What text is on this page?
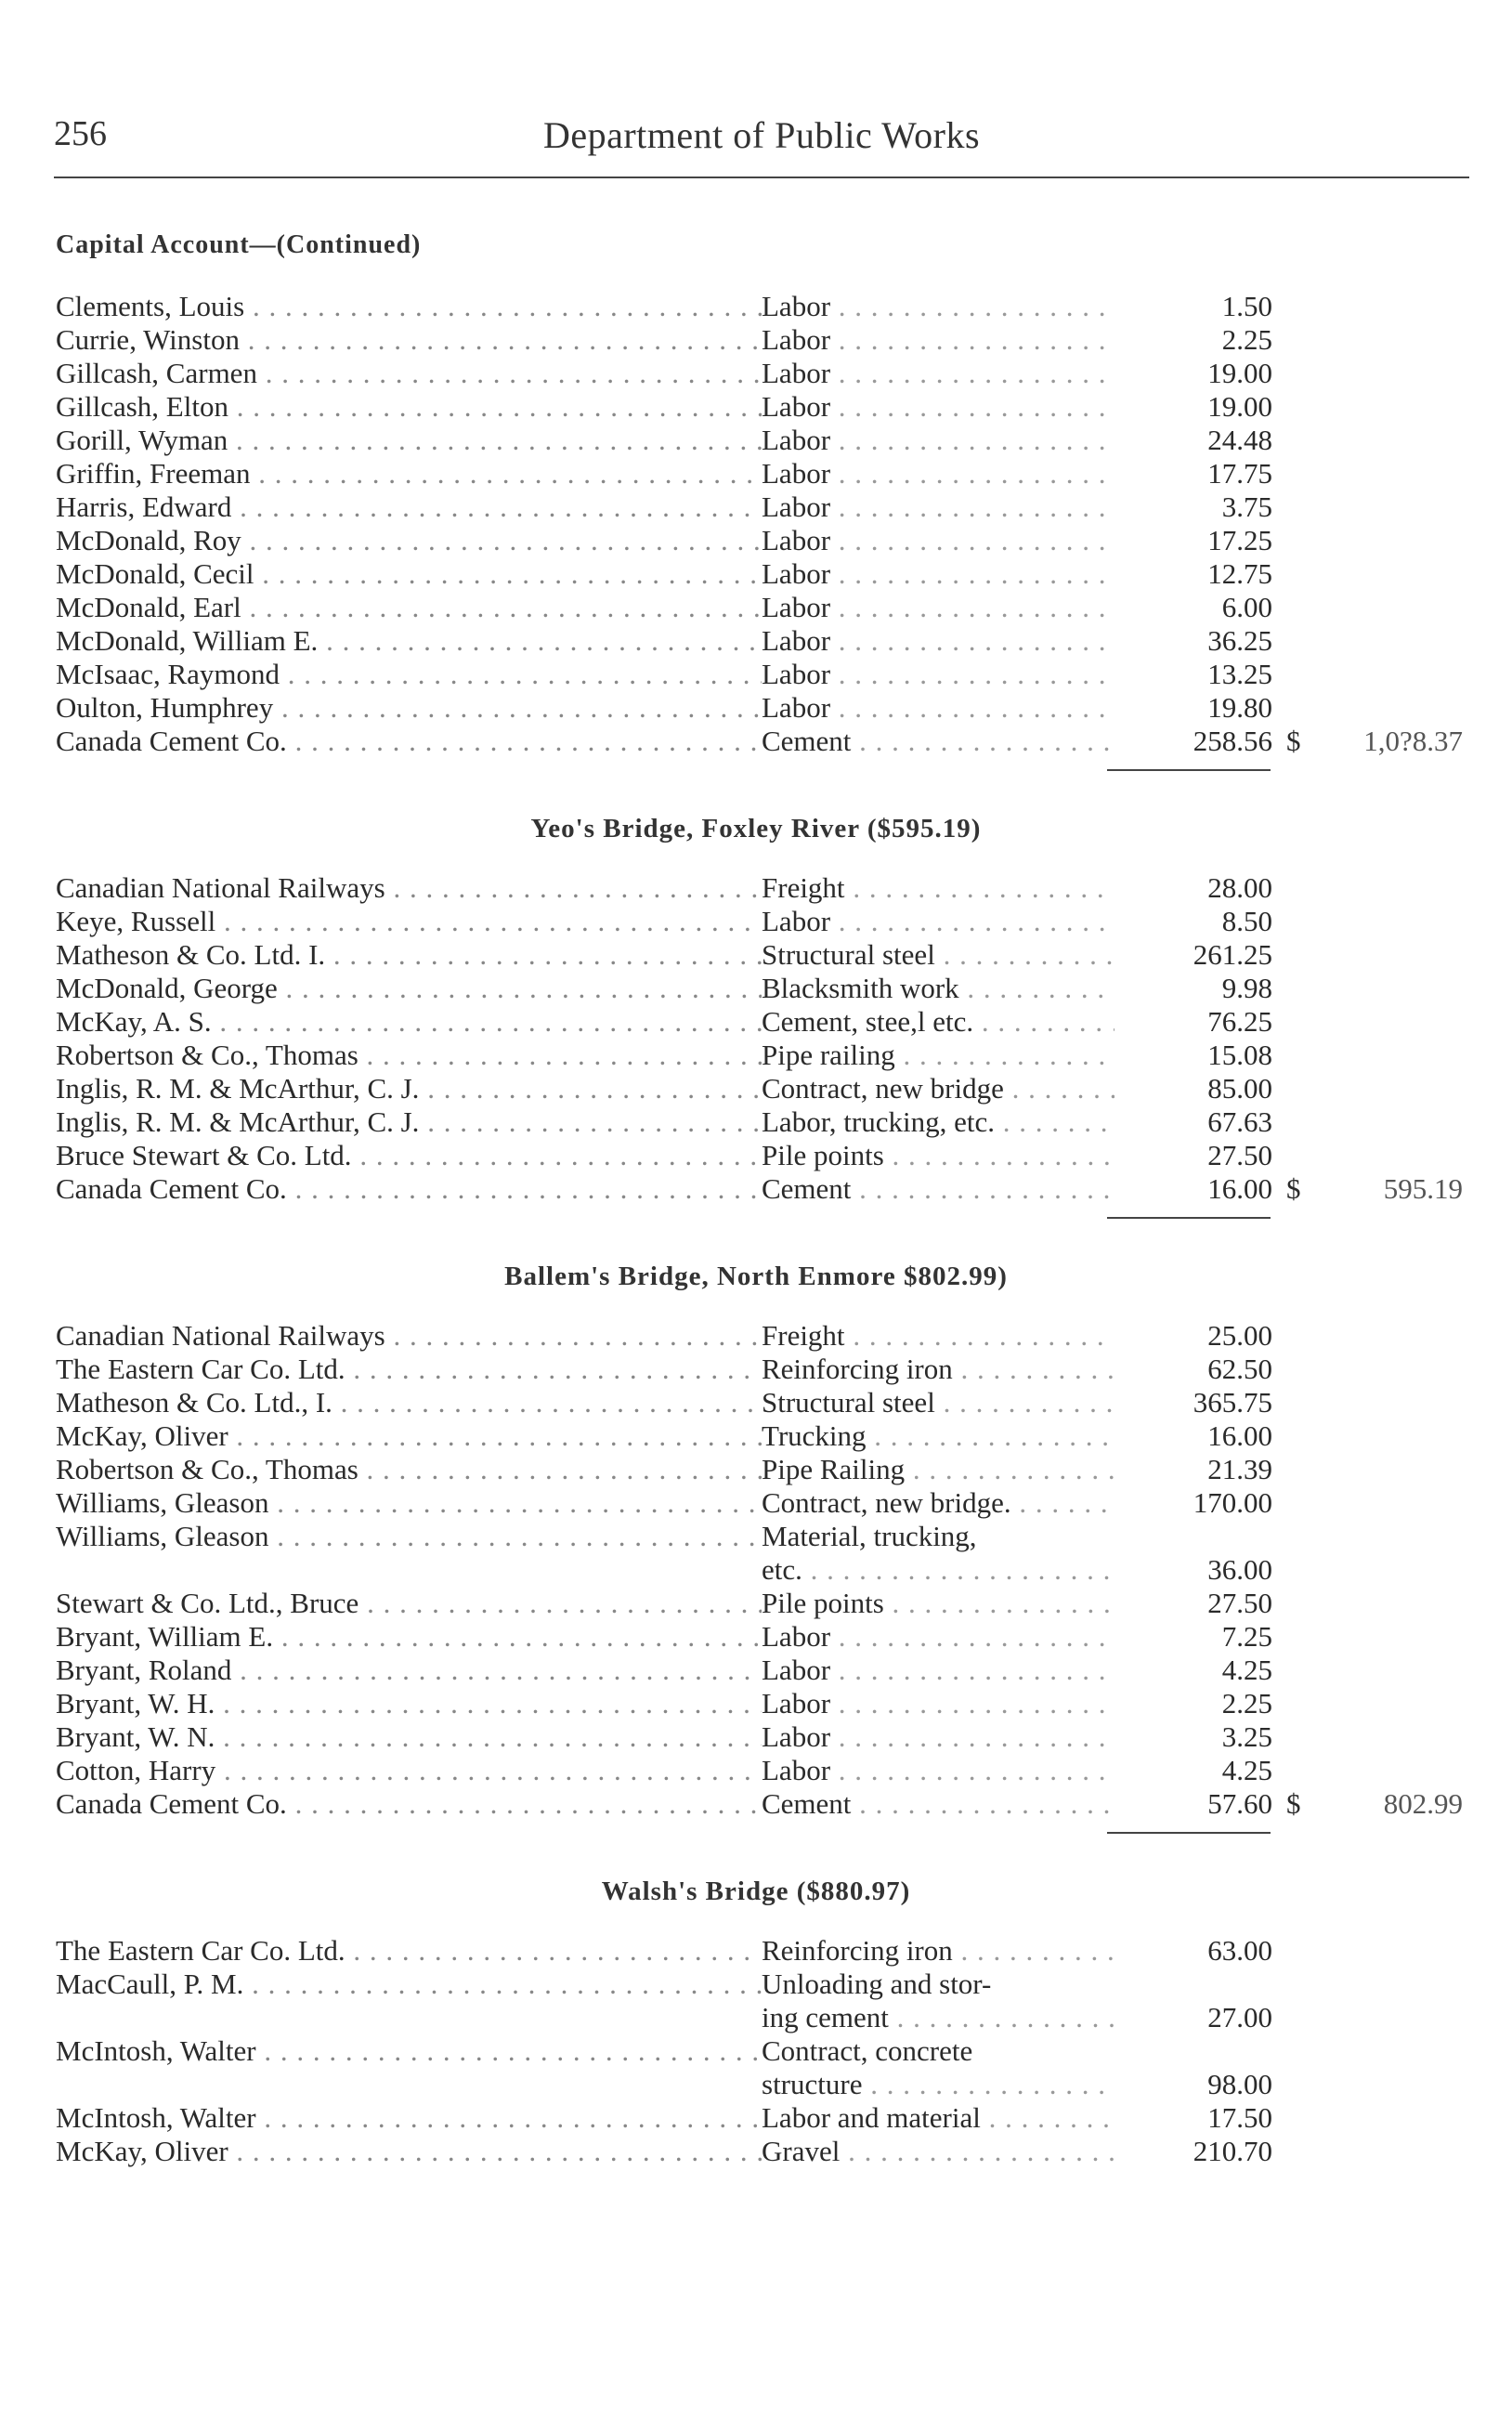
256	Department of Public Works
Capital Account—(Continued)
Clements, Louis . . .	Labor . . .	1.50
Currie, Winston . . .	Labor . . .	2.25
Gillcash, Carmen . . .	Labor . . .	19.00
Gillcash, Elton . . .	Labor . . .	19.00
Gorill, Wyman . . .	Labor . . .	24.48
Griffin, Freeman . . .	Labor . . .	17.75
Harris, Edward . . .	Labor . . .	3.75
McDonald, Roy . . .	Labor . . .	17.25
McDonald, Cecil . . .	Labor . . .	12.75
McDonald, Earl . . .	Labor . . .	6.00
McDonald, William E. . . .	Labor . . .	36.25
McIsaac, Raymond . . .	Labor . . .	13.25
Oulton, Humphrey . . .	Labor . . .	19.80
Canada Cement Co. . . .	Cement . . .	258.56 $	1,0?8.37
Yeo's Bridge, Foxley River ($595.19)
Canadian National Railways . . .	Freight . . .	28.00
Keye, Russell . . .	Labor . . .	8.50
Matheson & Co. Ltd. I. . . .	Structural steel . . .	261.25
McDonald, George . . .	Blacksmith work . . .	9.98
McKay, A. S. . . .	Cement, stee,l etc. . . .	76.25
Robertson & Co., Thomas . . .	Pipe railing . . .	15.08
Inglis, R. M. & McArthur, C. J. . . .	Contract, new bridge . . .	85.00
Inglis, R. M. & McArthur, C. J. . . .	Labor, trucking, etc. . . .	67.63
Bruce Stewart & Co. Ltd. . . .	Pile points . . .	27.50
Canada Cement Co. . . .	Cement . . .	16.00 $	595.19
Ballem's Bridge, North Enmore $802.99)
Canadian National Railways . . .	Freight . . .	25.00
The Eastern Car Co. Ltd. . . .	Reinforcing iron . . .	62.50
Matheson & Co. Ltd., I. . . .	Structural steel . . .	365.75
McKay, Oliver . . .	Trucking . . .	16.00
Robertson & Co., Thomas . . .	Pipe Railing . . .	21.39
Williams, Gleason . . .	Contract, new bridge. . . .	170.00
Williams, Gleason . . .	Material, trucking,
etc. . . .	36.00
Stewart & Co. Ltd., Bruce . . .	Pile points . . .	27.50
Bryant, William E. . . .	Labor . . .	7.25
Bryant, Roland . . .	Labor . . .	4.25
Bryant, W. H. . . .	Labor . . .	2.25
Bryant, W. N. . . .	Labor . . .	3.25
Cotton, Harry . . .	Labor . . .	4.25
Canada Cement Co. . . .	Cement . . .	57.60 $	802.99
Walsh's Bridge ($880.97)
The Eastern Car Co. Ltd. . . .	Reinforcing iron . . .	63.00
MacCaull, P. M. . . .	Unloading and stor-
ing cement . . .	27.00
McIntosh, Walter . . .	Contract, concrete
structure . . .	98.00
McIntosh, Walter . . .	Labor and material . . .	17.50
McKay, Oliver . . .	Gravel . . .	210.70
